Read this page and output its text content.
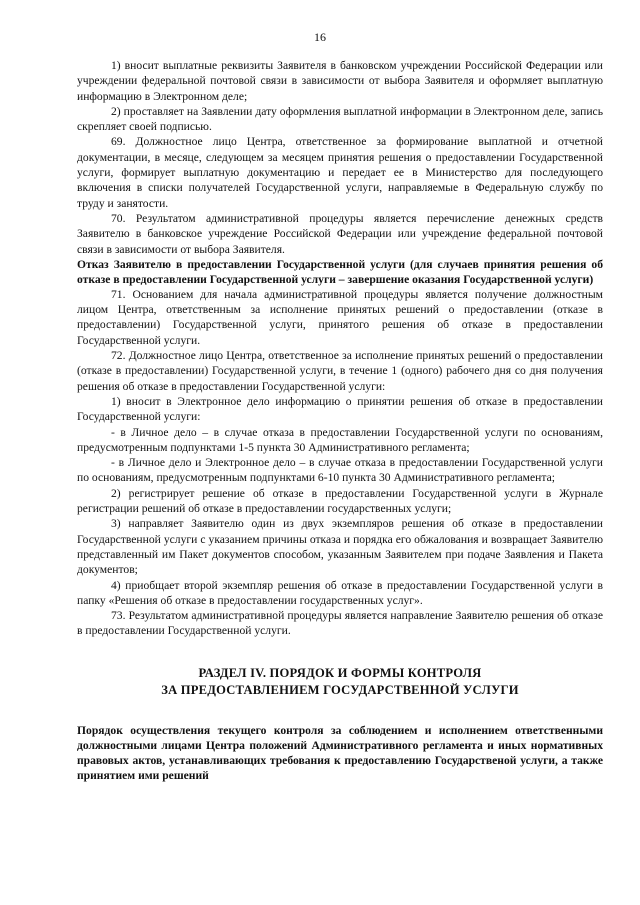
16

1) вносит выплатные реквизиты Заявителя в банковском учреждении Российской Федерации или учреждении федеральной почтовой связи в зависимости от выбора Заявителя и оформляет выплатную информацию в Электронном деле;

2) проставляет на Заявлении дату оформления выплатной информации в Электронном деле, запись скрепляет своей подписью.

69. Должностное лицо Центра, ответственное за формирование выплатной и отчетной документации, в месяце, следующем за месяцем принятия решения о предоставлении Государственной услуги, формирует выплатную документацию и передает ее в Министерство для последующего включения в списки получателей Государственной услуги, направляемые в Федеральную службу по труду и занятости.

70. Результатом административной процедуры является перечисление денежных средств Заявителю в банковское учреждение Российской Федерации или учреждение федеральной почтовой связи в зависимости от выбора Заявителя.

Отказ Заявителю в предоставлении Государственной услуги (для случаев принятия решения об отказе в предоставлении Государственной услуги – завершение оказания Государственной услуги)

71. Основанием для начала административной процедуры является получение должностным лицом Центра, ответственным за исполнение принятых решений о предоставлении (отказе в предоставлении) Государственной услуги, принятого решения об отказе в предоставлении Государственной услуги.

72. Должностное лицо Центра, ответственное за исполнение принятых решений о предоставлении (отказе в предоставлении) Государственной услуги, в течение 1 (одного) рабочего дня со дня получения решения об отказе в предоставлении Государственной услуги:

1) вносит в Электронное дело информацию о принятии решения об отказе в предоставлении Государственной услуги:

- в Личное дело – в случае отказа в предоставлении Государственной услуги по основаниям, предусмотренным подпунктами 1-5 пункта 30 Административного регламента;

- в Личное дело и Электронное дело – в случае отказа в предоставлении Государственной услуги по основаниям, предусмотренным подпунктами 6-10 пункта 30 Административного регламента;

2) регистрирует решение об отказе в предоставлении Государственной услуги в Журнале регистрации решений об отказе в предоставлении государственных услуги;

3) направляет Заявителю один из двух экземпляров решения об отказе в предоставлении Государственной услуги с указанием причины отказа и порядка его обжалования и возвращает Заявителю представленный им Пакет документов способом, указанным Заявителем при подаче Заявления и Пакета документов;

4) приобщает второй экземпляр решения об отказе в предоставлении Государственной услуги в папку «Решения об отказе в предоставлении государственных услуг».

73. Результатом административной процедуры является направление Заявителю решения об отказе в предоставлении Государственной услуги.

РАЗДЕЛ IV. ПОРЯДОК И ФОРМЫ КОНТРОЛЯ
ЗА ПРЕДОСТАВЛЕНИЕМ ГОСУДАРСТВЕННОЙ УСЛУГИ

Порядок осуществления текущего контроля за соблюдением и исполнением ответственными должностными лицами Центра положений Административного регламента и иных нормативных правовых актов, устанавливающих требования к предоставлению Государственой услуги, а также принятием ими решений
